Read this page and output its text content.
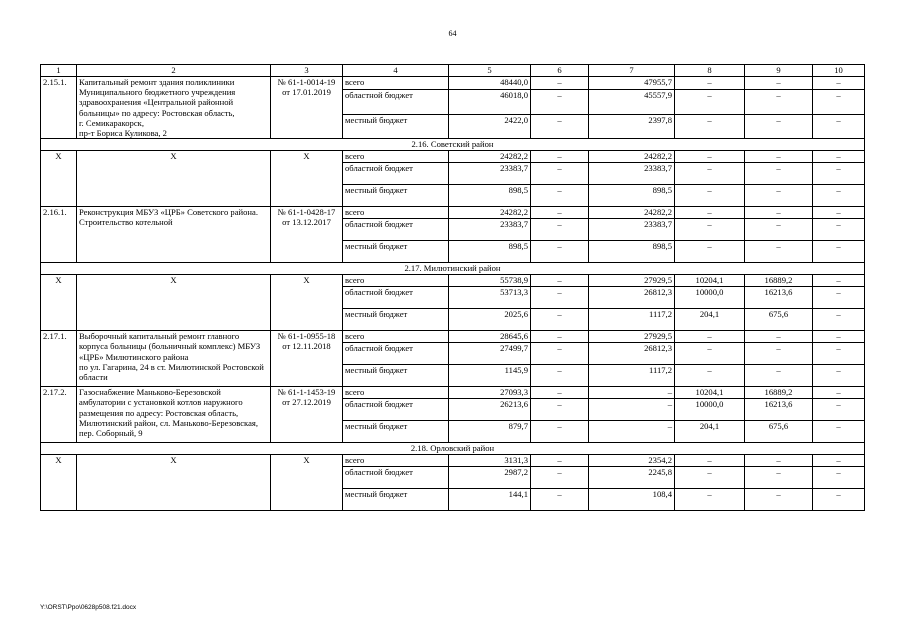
64
1	2	3	4	5	6	7	8	9	10
2.15.1.	Капитальный ремонт здания поликлиники Муниципального бюджетного учреждения здравоохранения «Центральной районной больницы» по адресу: Ростовская область,
г. Семикаракорск,
пр-т Бориса Куликова, 2	№ 61-1-0014-19
от 17.01.2019	всего	48440,0	–	47955,7	–	–	–
			областной бюджет	46018,0	–	45557,9	–	–	–
			местный бюджет	2422,0	–	2397,8	–	–	–
2.16. Советский район									
Х	Х	Х	всего	24282,2	–	24282,2	–	–	–
			областной бюджет	23383,7	–	23383,7	–	–	–
			местный бюджет	898,5	–	898,5	–	–	–
2.16.1.	Реконструкция МБУЗ «ЦРБ» Советского района. Строительство котельной	№ 61-1-0428-17
от 13.12.2017	всего	24282,2	–	24282,2	–	–	–
			областной бюджет	23383,7	–	23383,7	–	–	–
			местный бюджет	898,5	–	898,5	–	–	–
2.17. Милютинский район									
Х	Х	Х	всего	55738,9	–	27929,5	10204,1	16889,2	–
			областной бюджет	53713,3	–	26812,3	10000,0	16213,6	–
			местный бюджет	2025,6	–	1117,2	204,1	675,6	–
2.17.1.	Выборочный капитальный ремонт главного корпуса больницы (больничный комплекс) МБУЗ «ЦРБ» Милютинского района
по ул. Гагарина, 24 в ст. Милютинской Ростовской области	№ 61-1-0955-18
от 12.11.2018	всего	28645,6	–	27929,5	–	–	–
			областной бюджет	27499,7	–	26812,3	–	–	–
			местный бюджет	1145,9	–	1117,2	–	–	–
2.17.2.	Газоснабжение Маньково-Березовской амбулатории с установкой котлов наружного размещения по адресу: Ростовская область, Милютинский район, сл. Маньково-Березовская, пер. Соборный, 9	№ 61-1-1453-19
от 27.12.2019	всего	27093,3	–	–	10204,1	16889,2	–
			областной бюджет	26213,6	–	–	10000,0	16213,6	–
			местный бюджет	879,7	–	–	204,1	675,6	–
2.18. Орловский район									
Х	Х	Х	всего	3131,3	–	2354,2	–	–	–
			областной бюджет	2987,2	–	2245,8	–	–	–
			местный бюджет	144,1	–	108,4	–	–	–
Y:\ORST\Ppo\0628p508.f21.docx
